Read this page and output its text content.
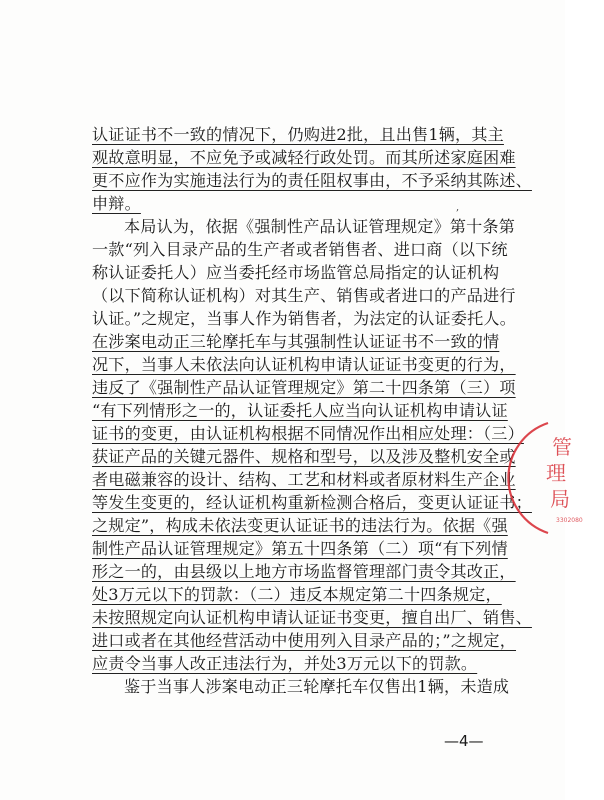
认证证书不一致的情况下，仍购进2批，且出售1辆，其主
观故意明显，不应免予或减轻行政处罚。而其所述家庭困难
更不应作为实施违法行为的责任阻权事由，不予采纳其陈述、
申辩。	,
本局认为，依据《强制性产品认证管理规定》第十条第
一款“列入目录产品的生产者或者销售者、进口商（以下统
称认证委托人）应当委托经市场监管总局指定的认证机构
（以下简称认证机构）对其生产、销售或者进口的产品进行
认证。”之规定，当事人作为销售者，为法定的认证委托人。
在涉案电动正三轮摩托车与其强制性认证证书不一致的情
况下，当事人未依法向认证机构申请认证证书变更的行为，
违反了《强制性产品认证管理规定》第二十四条第（三）项
“有下列情形之一的，认证委托人应当向认证机构申请认证
证书的变更，由认证机构根据不同情况作出相应处理：（三）
获证产品的关键元器件、规格和型号，以及涉及整机安全或
者电磁兼容的设计、结构、工艺和材料或者原材料生产企业
等发生变更的，经认证机构重新检测合格后，变更认证证书；
之规定”，构成未依法变更认证证书的违法行为。依据《强
制性产品认证管理规定》第五十四条第（二）项“有下列情
形之一的，由县级以上地方市场监督管理部门责令其改正，
处3万元以下的罚款：（二）违反本规定第二十四条规定，
未按照规定向认证机构申请认证证书变更，擅自出厂、销售、
进口或者在其他经营活动中使用列入目录产品的；”之规定，
应责令当事人改正违法行为，并处3万元以下的罚款。
鉴于当事人涉案电动正三轮摩托车仅售出1辆，未造成
—4—
管
理
局
3302080
